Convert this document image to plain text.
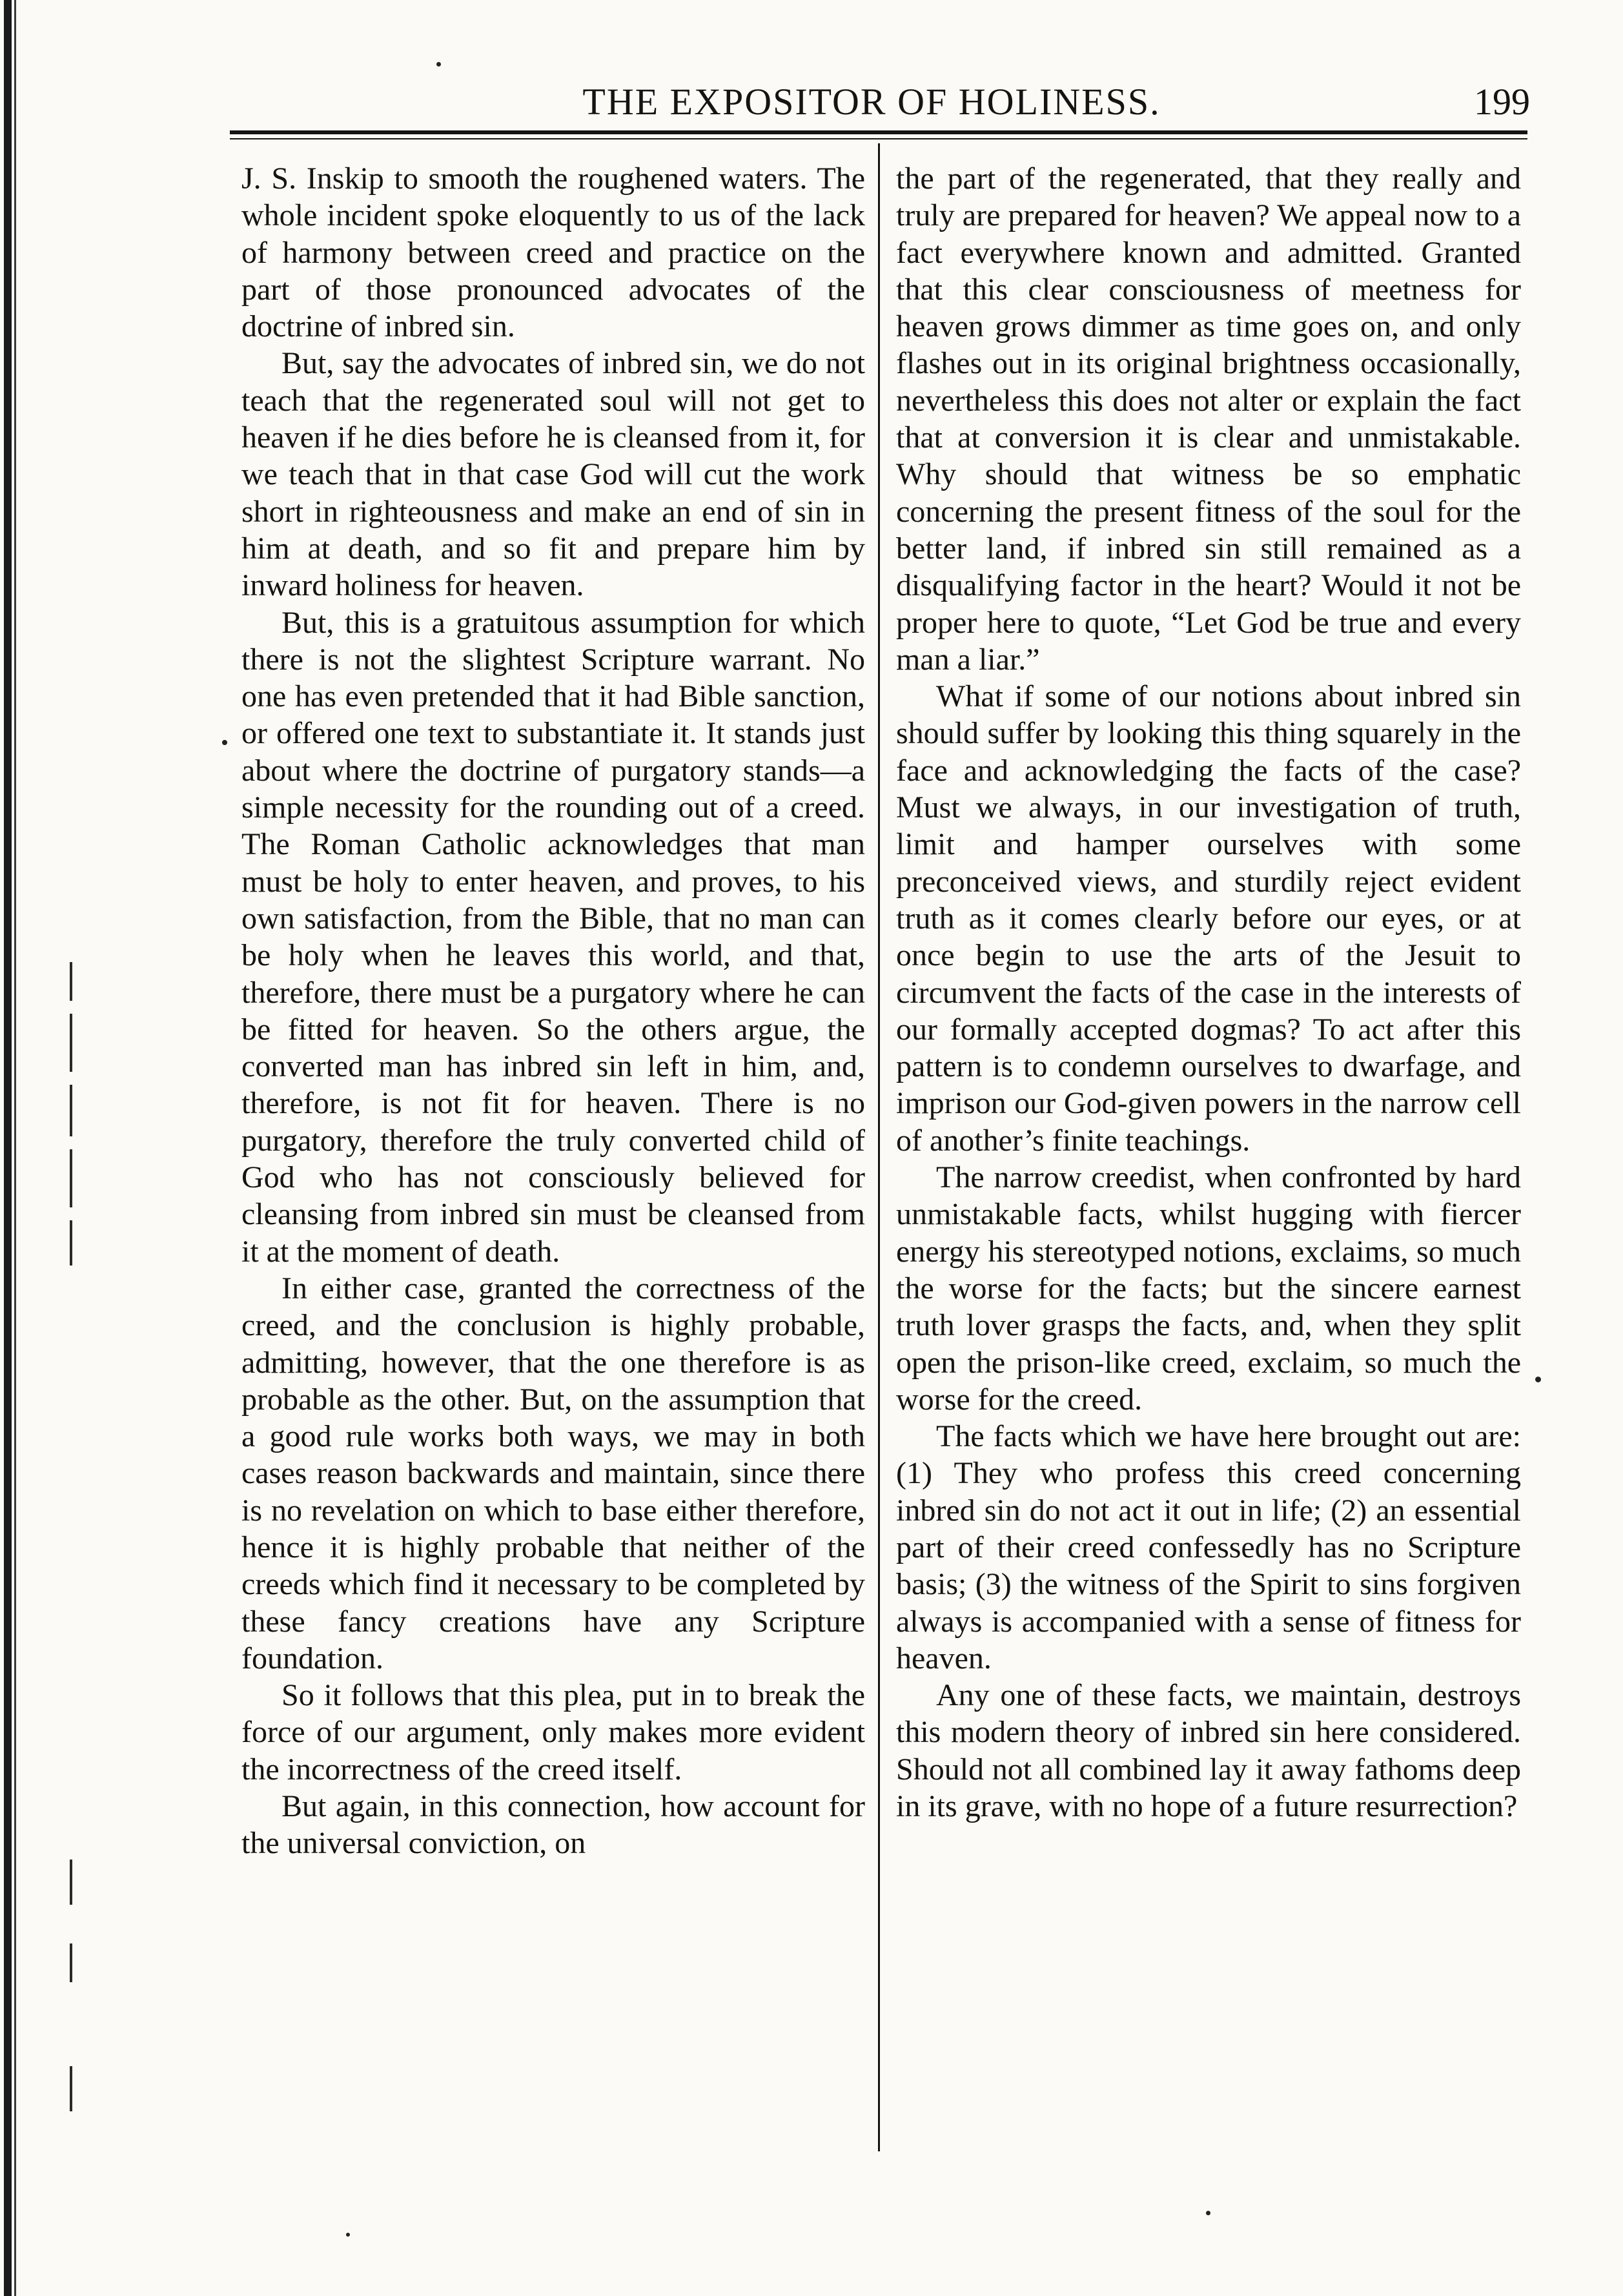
THE EXPOSITOR OF HOLINESS.	199

J. S. Inskip to smooth the roughened waters. The whole incident spoke eloquently to us of the lack of harmony between creed and practice on the part of those pronounced advocates of the doctrine of inbred sin.

But, say the advocates of inbred sin, we do not teach that the regenerated soul will not get to heaven if he dies before he is cleansed from it, for we teach that in that case God will cut the work short in righteousness and make an end of sin in him at death, and so fit and prepare him by inward holiness for heaven.

But, this is a gratuitous assumption for which there is not the slightest Scripture warrant. No one has even pretended that it had Bible sanction, or offered one text to substantiate it. It stands just about where the doctrine of purgatory stands—a simple necessity for the rounding out of a creed. The Roman Catholic acknowledges that man must be holy to enter heaven, and proves, to his own satisfaction, from the Bible, that no man can be holy when he leaves this world, and that, therefore, there must be a purgatory where he can be fitted for heaven. So the others argue, the converted man has inbred sin left in him, and, therefore, is not fit for heaven. There is no purgatory, therefore the truly converted child of God who has not consciously believed for cleansing from inbred sin must be cleansed from it at the moment of death.

In either case, granted the correctness of the creed, and the conclusion is highly probable, admitting, however, that the one therefore is as probable as the other. But, on the assumption that a good rule works both ways, we may in both cases reason backwards and maintain, since there is no revelation on which to base either therefore, hence it is highly probable that neither of the creeds which find it necessary to be completed by these fancy creations have any Scripture foundation.

So it follows that this plea, put in to break the force of our argument, only makes more evident the incorrectness of the creed itself.

But again, in this connection, how account for the universal conviction, on

the part of the regenerated, that they really and truly are prepared for heaven? We appeal now to a fact everywhere known and admitted. Granted that this clear consciousness of meetness for heaven grows dimmer as time goes on, and only flashes out in its original brightness occasionally, nevertheless this does not alter or explain the fact that at conversion it is clear and unmistakable. Why should that witness be so emphatic concerning the present fitness of the soul for the better land, if inbred sin still remained as a disqualifying factor in the heart? Would it not be proper here to quote, “Let God be true and every man a liar.”

What if some of our notions about inbred sin should suffer by looking this thing squarely in the face and acknowledging the facts of the case? Must we always, in our investigation of truth, limit and hamper ourselves with some preconceived views, and sturdily reject evident truth as it comes clearly before our eyes, or at once begin to use the arts of the Jesuit to circumvent the facts of the case in the interests of our formally accepted dogmas? To act after this pattern is to condemn ourselves to dwarfage, and imprison our God-given powers in the narrow cell of another’s finite teachings.

The narrow creedist, when confronted by hard unmistakable facts, whilst hugging with fiercer energy his stereotyped notions, exclaims, so much the worse for the facts; but the sincere earnest truth lover grasps the facts, and, when they split open the prison-like creed, exclaim, so much the worse for the creed.

The facts which we have here brought out are: (1) They who profess this creed concerning inbred sin do not act it out in life; (2) an essential part of their creed confessedly has no Scripture basis; (3) the witness of the Spirit to sins forgiven always is accompanied with a sense of fitness for heaven.

Any one of these facts, we maintain, destroys this modern theory of inbred sin here considered. Should not all combined lay it away fathoms deep in its grave, with no hope of a future resurrection?
